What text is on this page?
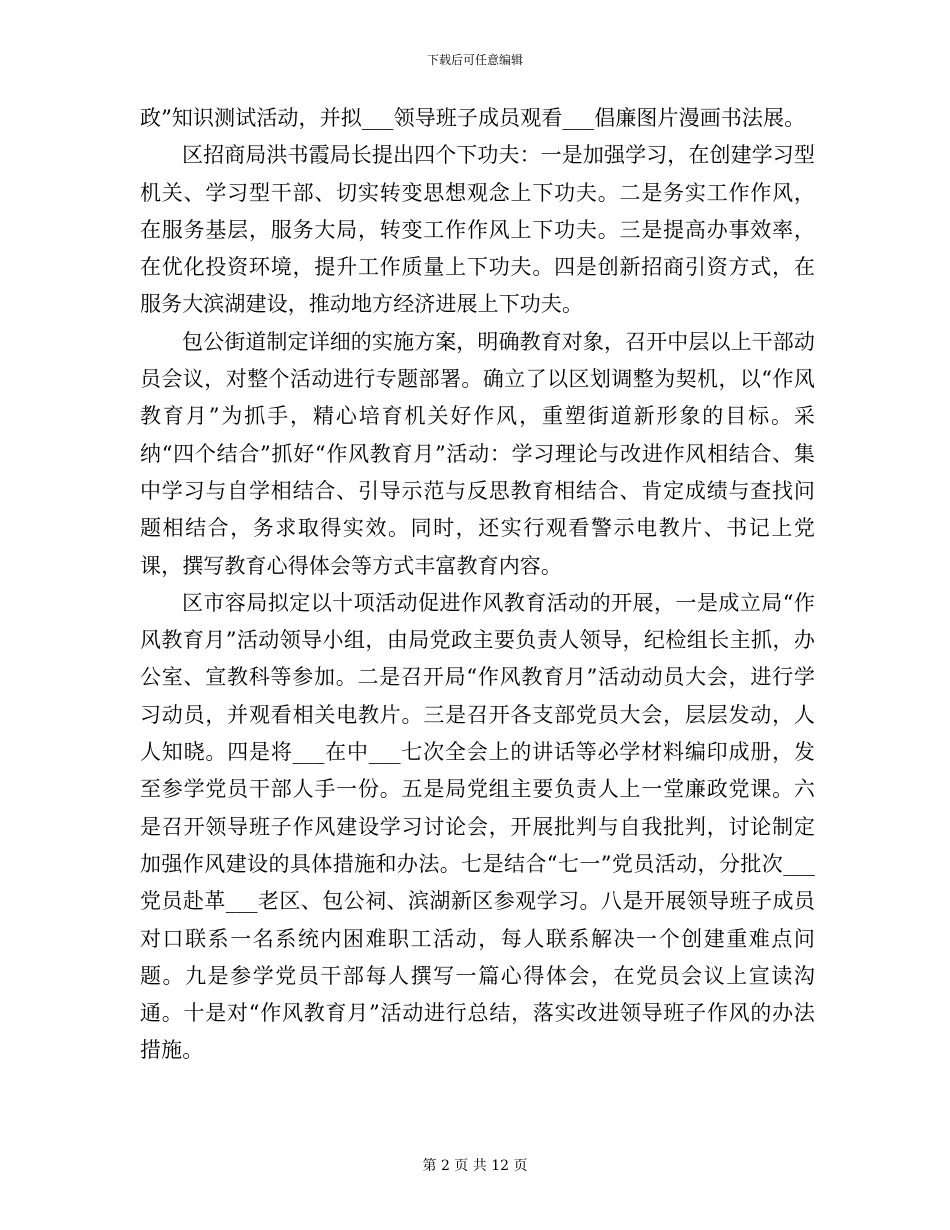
下载后可任意编辑

政”知识测试活动，并拟___领导班子成员观看___倡廉图片漫画书法展。

区招商局洪书霞局长提出四个下功夫：一是加强学习，在创建学习型机关、学习型干部、切实转变思想观念上下功夫。二是务实工作作风，在服务基层，服务大局，转变工作作风上下功夫。三是提高办事效率，在优化投资环境，提升工作质量上下功夫。四是创新招商引资方式，在服务大滨湖建设，推动地方经济进展上下功夫。

包公街道制定详细的实施方案，明确教育对象，召开中层以上干部动员会议，对整个活动进行专题部署。确立了以区划调整为契机，以“作风教育月”为抓手，精心培育机关好作风，重塑街道新形象的目标。采纳“四个结合”抓好“作风教育月”活动：学习理论与改进作风相结合、集中学习与自学相结合、引导示范与反思教育相结合、肯定成绩与查找问题相结合，务求取得实效。同时，还实行观看警示电教片、书记上党课，撰写教育心得体会等方式丰富教育内容。

区市容局拟定以十项活动促进作风教育活动的开展，一是成立局“作风教育月”活动领导小组，由局党政主要负责人领导，纪检组长主抓，办公室、宣教科等参加。二是召开局“作风教育月”活动动员大会，进行学习动员，并观看相关电教片。三是召开各支部党员大会，层层发动，人人知晓。四是将___在中___七次全会上的讲话等必学材料编印成册，发至参学党员干部人手一份。五是局党组主要负责人上一堂廉政党课。六是召开领导班子作风建设学习讨论会，开展批判与自我批判，讨论制定加强作风建设的具体措施和办法。七是结合“七一”党员活动，分批次___党员赴革___老区、包公祠、滨湖新区参观学习。八是开展领导班子成员对口联系一名系统内困难职工活动，每人联系解决一个创建重难点问题。九是参学党员干部每人撰写一篇心得体会，在党员会议上宣读沟通。十是对“作风教育月”活动进行总结，落实改进领导班子作风的办法措施。

第 2 页 共 12 页
